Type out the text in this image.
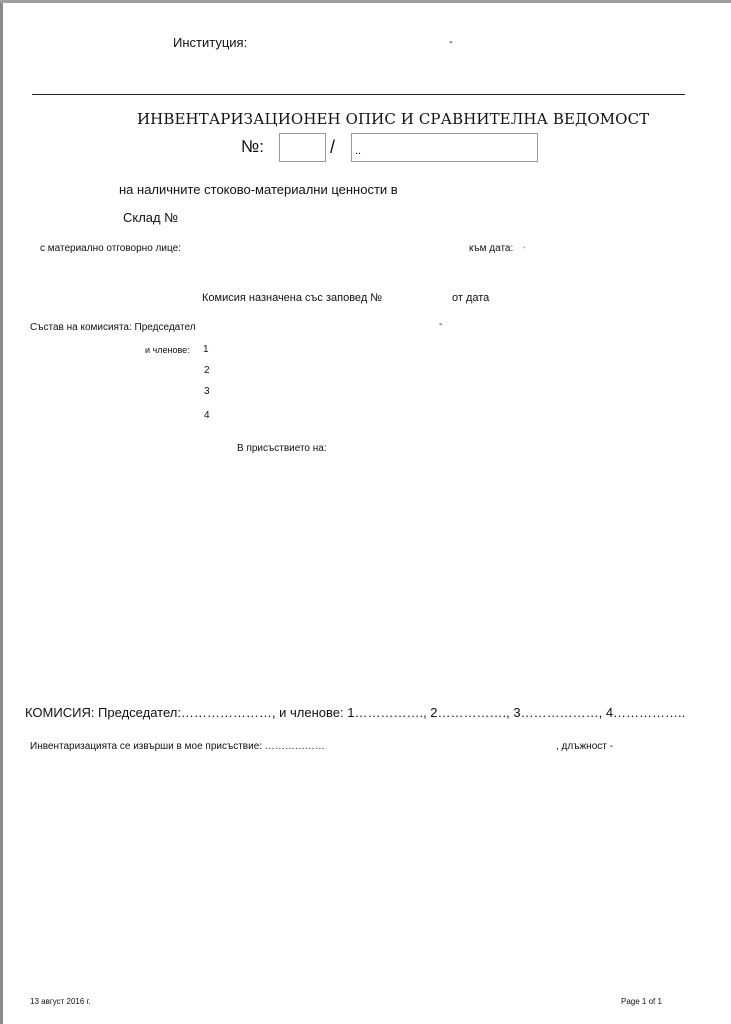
Институция:	-
ИНВЕНТАРИЗАЦИОНЕН ОПИС И СРАВНИТЕЛНА ВЕДОМОСТ
№:	/ ..
на наличните стоково-материални ценности в
Склад №
с материално отговорно лице:	към дата: -
Комисия назначена със заповед №	от дата
Състав на комисията: Председател	-
и членове: 1
2
3
4
В присъствието на:
КОМИСИЯ: Председател:…………………, и членове: 1……………., 2……………., 3………………, 4……………..
Инвентаризацията се извърши в мое присъствие: ………………	, длъжност -
13 август 2016 г.	Page 1 of 1
